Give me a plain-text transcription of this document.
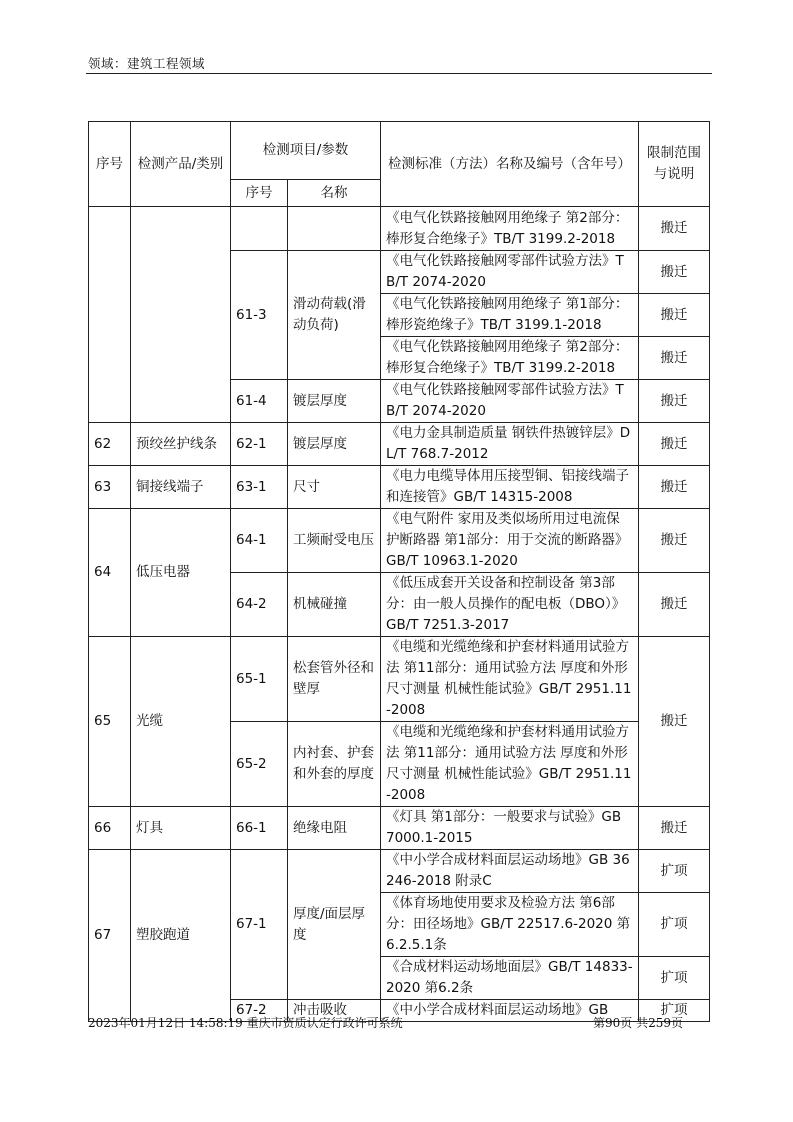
领域：建筑工程领域
序号	检测产品/类别	检测项目/参数		检测标准（方法）名称及编号（含年号）	限制范围与说明
		序号	名称		
				《电气化铁路接触网用绝缘子 第2部分：棒形复合绝缘子》TB/T 3199.2-2018	搬迁
		61-3	滑动荷载(滑动负荷)	《电气化铁路接触网零部件试验方法》TB/T 2074-2020	搬迁
				《电气化铁路接触网用绝缘子 第1部分：棒形瓷绝缘子》TB/T 3199.1-2018	搬迁
				《电气化铁路接触网用绝缘子 第2部分：棒形复合绝缘子》TB/T 3199.2-2018	搬迁
		61-4	镀层厚度	《电气化铁路接触网零部件试验方法》TB/T 2074-2020	搬迁
62	预绞丝护线条	62-1	镀层厚度	《电力金具制造质量 钢铁件热镀锌层》DL/T 768.7-2012	搬迁
63	铜接线端子	63-1	尺寸	《电力电缆导体用压接型铜、铝接线端子和连接管》GB/T 14315-2008	搬迁
64	低压电器	64-1	工频耐受电压	《电气附件 家用及类似场所用过电流保护断路器 第1部分：用于交流的断路器》GB/T 10963.1-2020	搬迁
		64-2	机械碰撞	《低压成套开关设备和控制设备 第3部分：由一般人员操作的配电板（DBO）》GB/T 7251.3-2017	搬迁
65	光缆	65-1	松套管外径和壁厚	《电缆和光缆绝缘和护套材料通用试验方法 第11部分：通用试验方法 厚度和外形尺寸测量 机械性能试验》GB/T 2951.11-2008	搬迁
		65-2	内衬套、护套和外套的厚度	《电缆和光缆绝缘和护套材料通用试验方法 第11部分：通用试验方法 厚度和外形尺寸测量 机械性能试验》GB/T 2951.11-2008	
66	灯具	66-1	绝缘电阻	《灯具 第1部分：一般要求与试验》GB 7000.1-2015	搬迁
67	塑胶跑道	67-1	厚度/面层厚度	《中小学合成材料面层运动场地》GB 36246-2018 附录C	扩项
				《体育场地使用要求及检验方法 第6部分：田径场地》GB/T 22517.6-2020 第6.2.5.1条	扩项
				《合成材料运动场地面层》GB/T 14833-2020 第6.2条	扩项
		67-2	冲击吸收	《中小学合成材料面层运动场地》GB	扩项
2023年01月12日 14:58:19 重庆市资质认定行政许可系统	第90页 共259页
